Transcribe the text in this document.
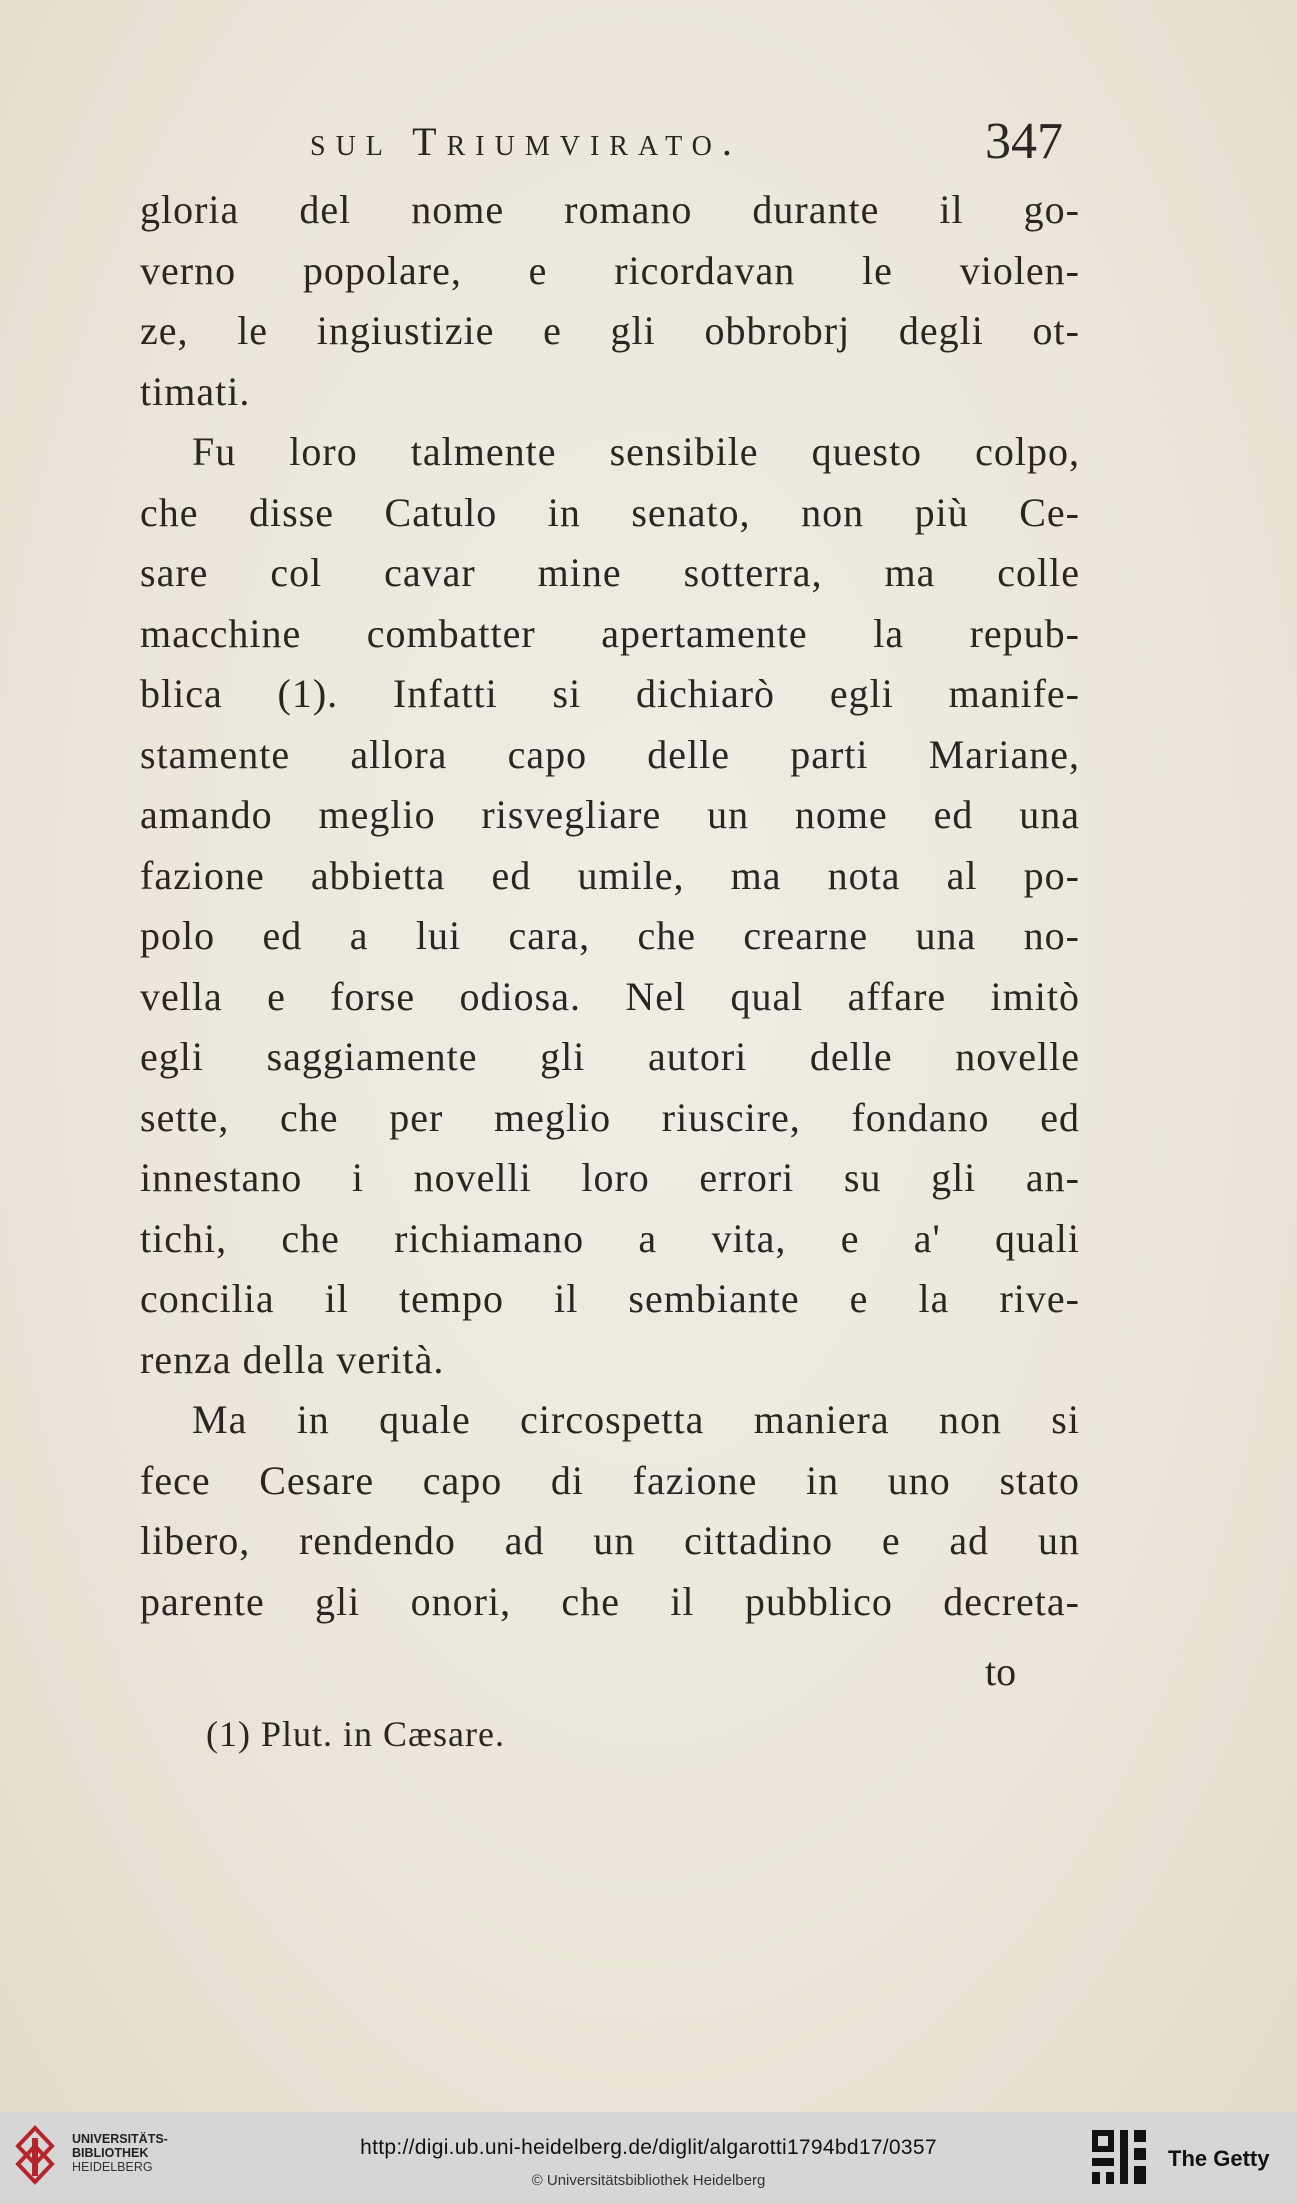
sul Triumvirato.	347
gloria del nome romano durante il go-
verno popolare, e ricordavan le violen-
ze, le ingiustizie e gli obbrobrj degli ot-
timati.
Fu loro talmente sensibile questo colpo,
che disse Catulo in senato, non più Ce-
sare col cavar mine sotterra, ma colle
macchine combatter apertamente la repub-
blica (1). Infatti si dichiarò egli manife-
stamente allora capo delle parti Mariane,
amando meglio risvegliare un nome ed una
fazione abbietta ed umile, ma nota al po-
polo ed a lui cara, che crearne una no-
vella e forse odiosa. Nel qual affare imitò
egli saggiamente gli autori delle novelle
sette, che per meglio riuscire, fondano ed
innestano i novelli loro errori su gli an-
tichi, che richiamano a vita, e a' quali
concilia il tempo il sembiante e la rive-
renza della verità.
Ma in quale circospetta maniera non si
fece Cesare capo di fazione in uno stato
libero, rendendo ad un cittadino e ad un
parente gli onori, che il pubblico decreta-
to
(1) Plut. in Cæsare.
UNIVERSITÄTS-
BIBLIOTHEK
HEIDELBERG
http://digi.ub.uni-heidelberg.de/diglit/algarotti1794bd17/0357
© Universitätsbibliothek Heidelberg
The Getty
